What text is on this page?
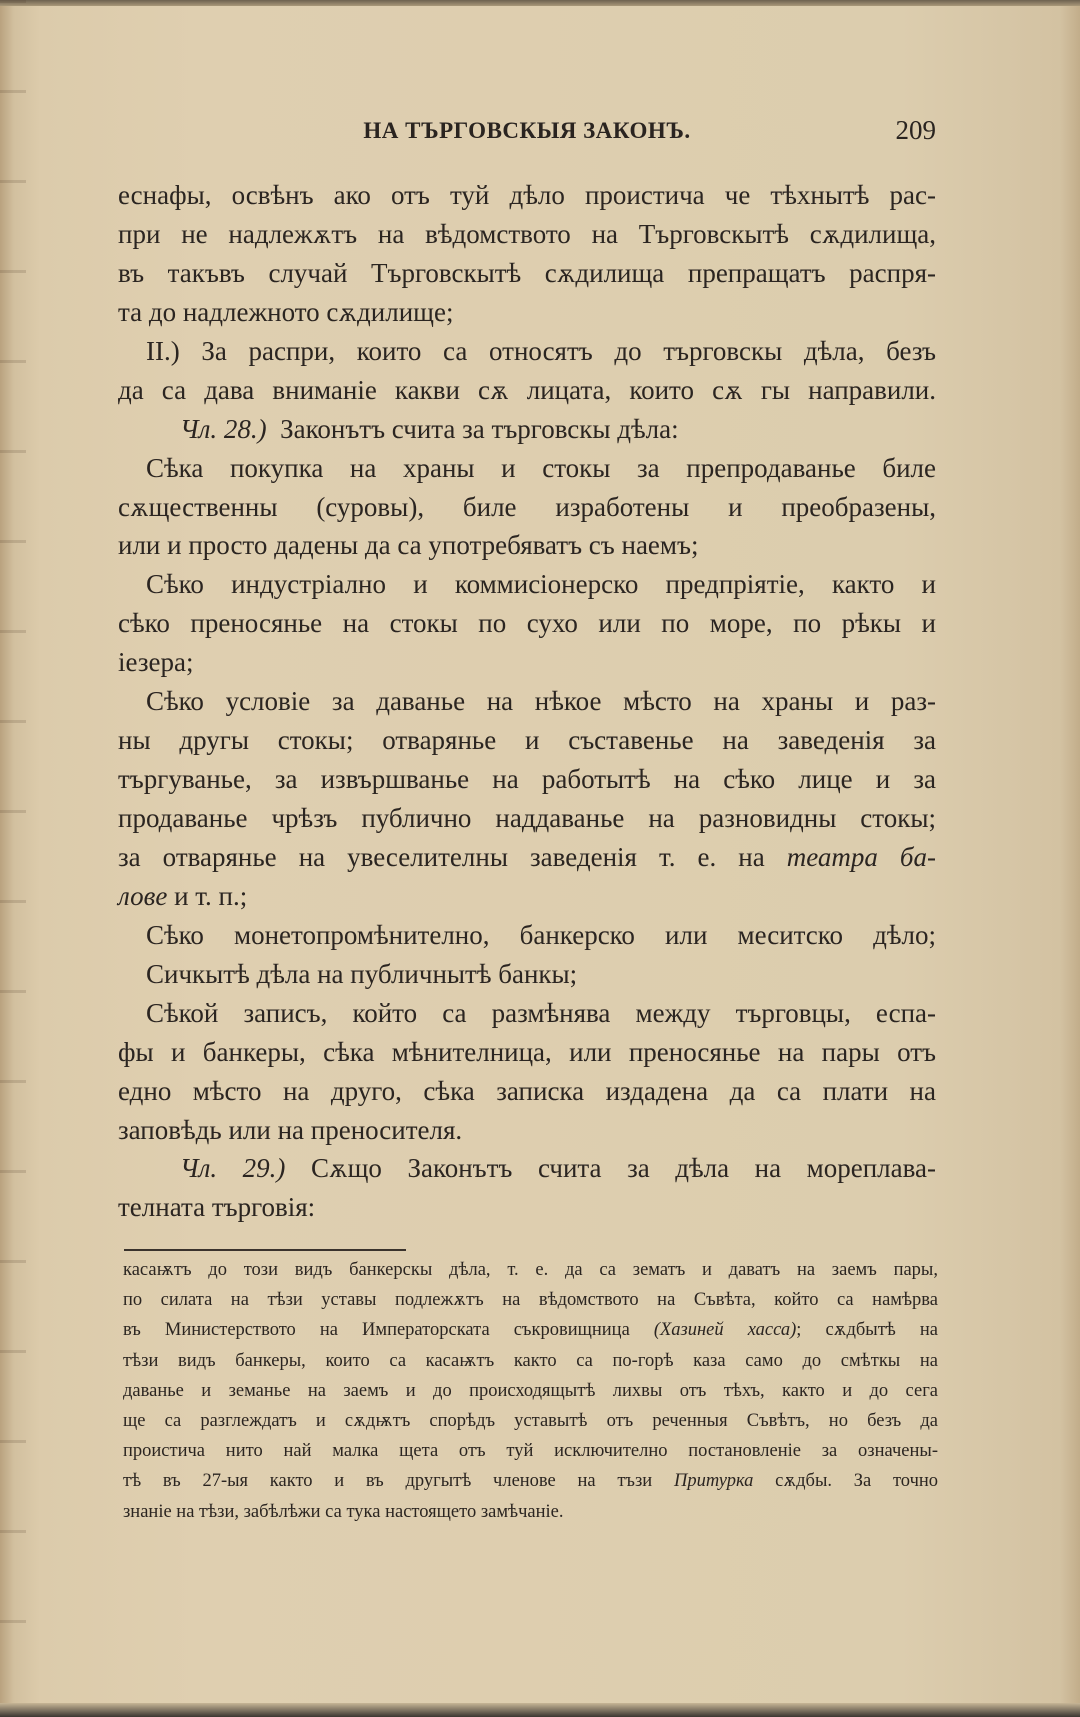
НА ТЪРГОВСКЫЯ ЗАКОНЪ.	209
еснафы, освѣнъ ако отъ туй дѣло проистича че тѣхнытѣ рас-
при не надлежѫтъ на вѣдомството на Търговскытѣ сѫдилища,
въ такъвъ случай Търговскытѣ сѫдилища препращатъ распря-
та до надлежното сѫдилище;
II.) За распри, които са относятъ до търговскы дѣла, безъ
да са дава вниманіе какви сѫ лицата, които сѫ гы направили.
Чл. 28.) Законътъ счита за търговскы дѣла:
Сѣка покупка на храны и стокы за препродаванье биле
сѫщественны (суровы), биле изработены и преобразены,
или и просто дадены да са употребяватъ съ наемъ;
Сѣко индустріално и коммисіонерско предпріятіе, както и
сѣко преносянье на стокы по сухо или по море, по рѣкы и
іезера;
Сѣко условіе за даванье на нѣкое мѣсто на храны и раз-
ны другы стокы; отварянье и съставенье на заведенія за
търгуванье, за извършванье на работытѣ на сѣко лице и за
продаванье чрѣзъ публично наддаванье на разновидны стокы;
за отварянье на увеселителны заведенія т. е. на театра ба-
лове и т. п.;
Сѣко монетопромѣнително, банкерско или меситско дѣло;
Сичкытѣ дѣла на публичнытѣ банкы;
Сѣкой записъ, който са размѣнява между търговцы, еспа-
фы и банкеры, сѣка мѣнителница, или преносянье на пары отъ
едно мѣсто на друго, сѣка записка издадена да са плати на
заповѣдь или на преносителя.
Чл. 29.) Сѫщо Законътъ счита за дѣла на мореплава-
телната търговія:
касаѭтъ до този видъ банкерскы дѣла, т. е. да са зематъ и даватъ на заемъ пары,
по силата на тѣзи уставы подлежѫтъ на вѣдомството на Съвѣта, който са намѣрва
въ Министерството на Императорската съкровищница (Хазиней хасса); сѫдбытѣ на
тѣзи видъ банкеры, които са касаѭтъ както са по-горѣ каза само до смѣткы на
даванье и земанье на заемъ и до происходящытѣ лихвы отъ тѣхъ, както и до сега
ще са разглеждатъ и сѫдѭтъ спорѣдъ уставытѣ отъ реченныя Съвѣтъ, но безъ да
проистича нито най малка щета отъ туй исключително постановленіе за означены-
тѣ въ 27-ыя както и въ другытѣ членове на тъзи Притурка сѫдбы. За точно
знаніе на тѣзи, забѣлѣжи са тука настоящето замѣчаніе.
